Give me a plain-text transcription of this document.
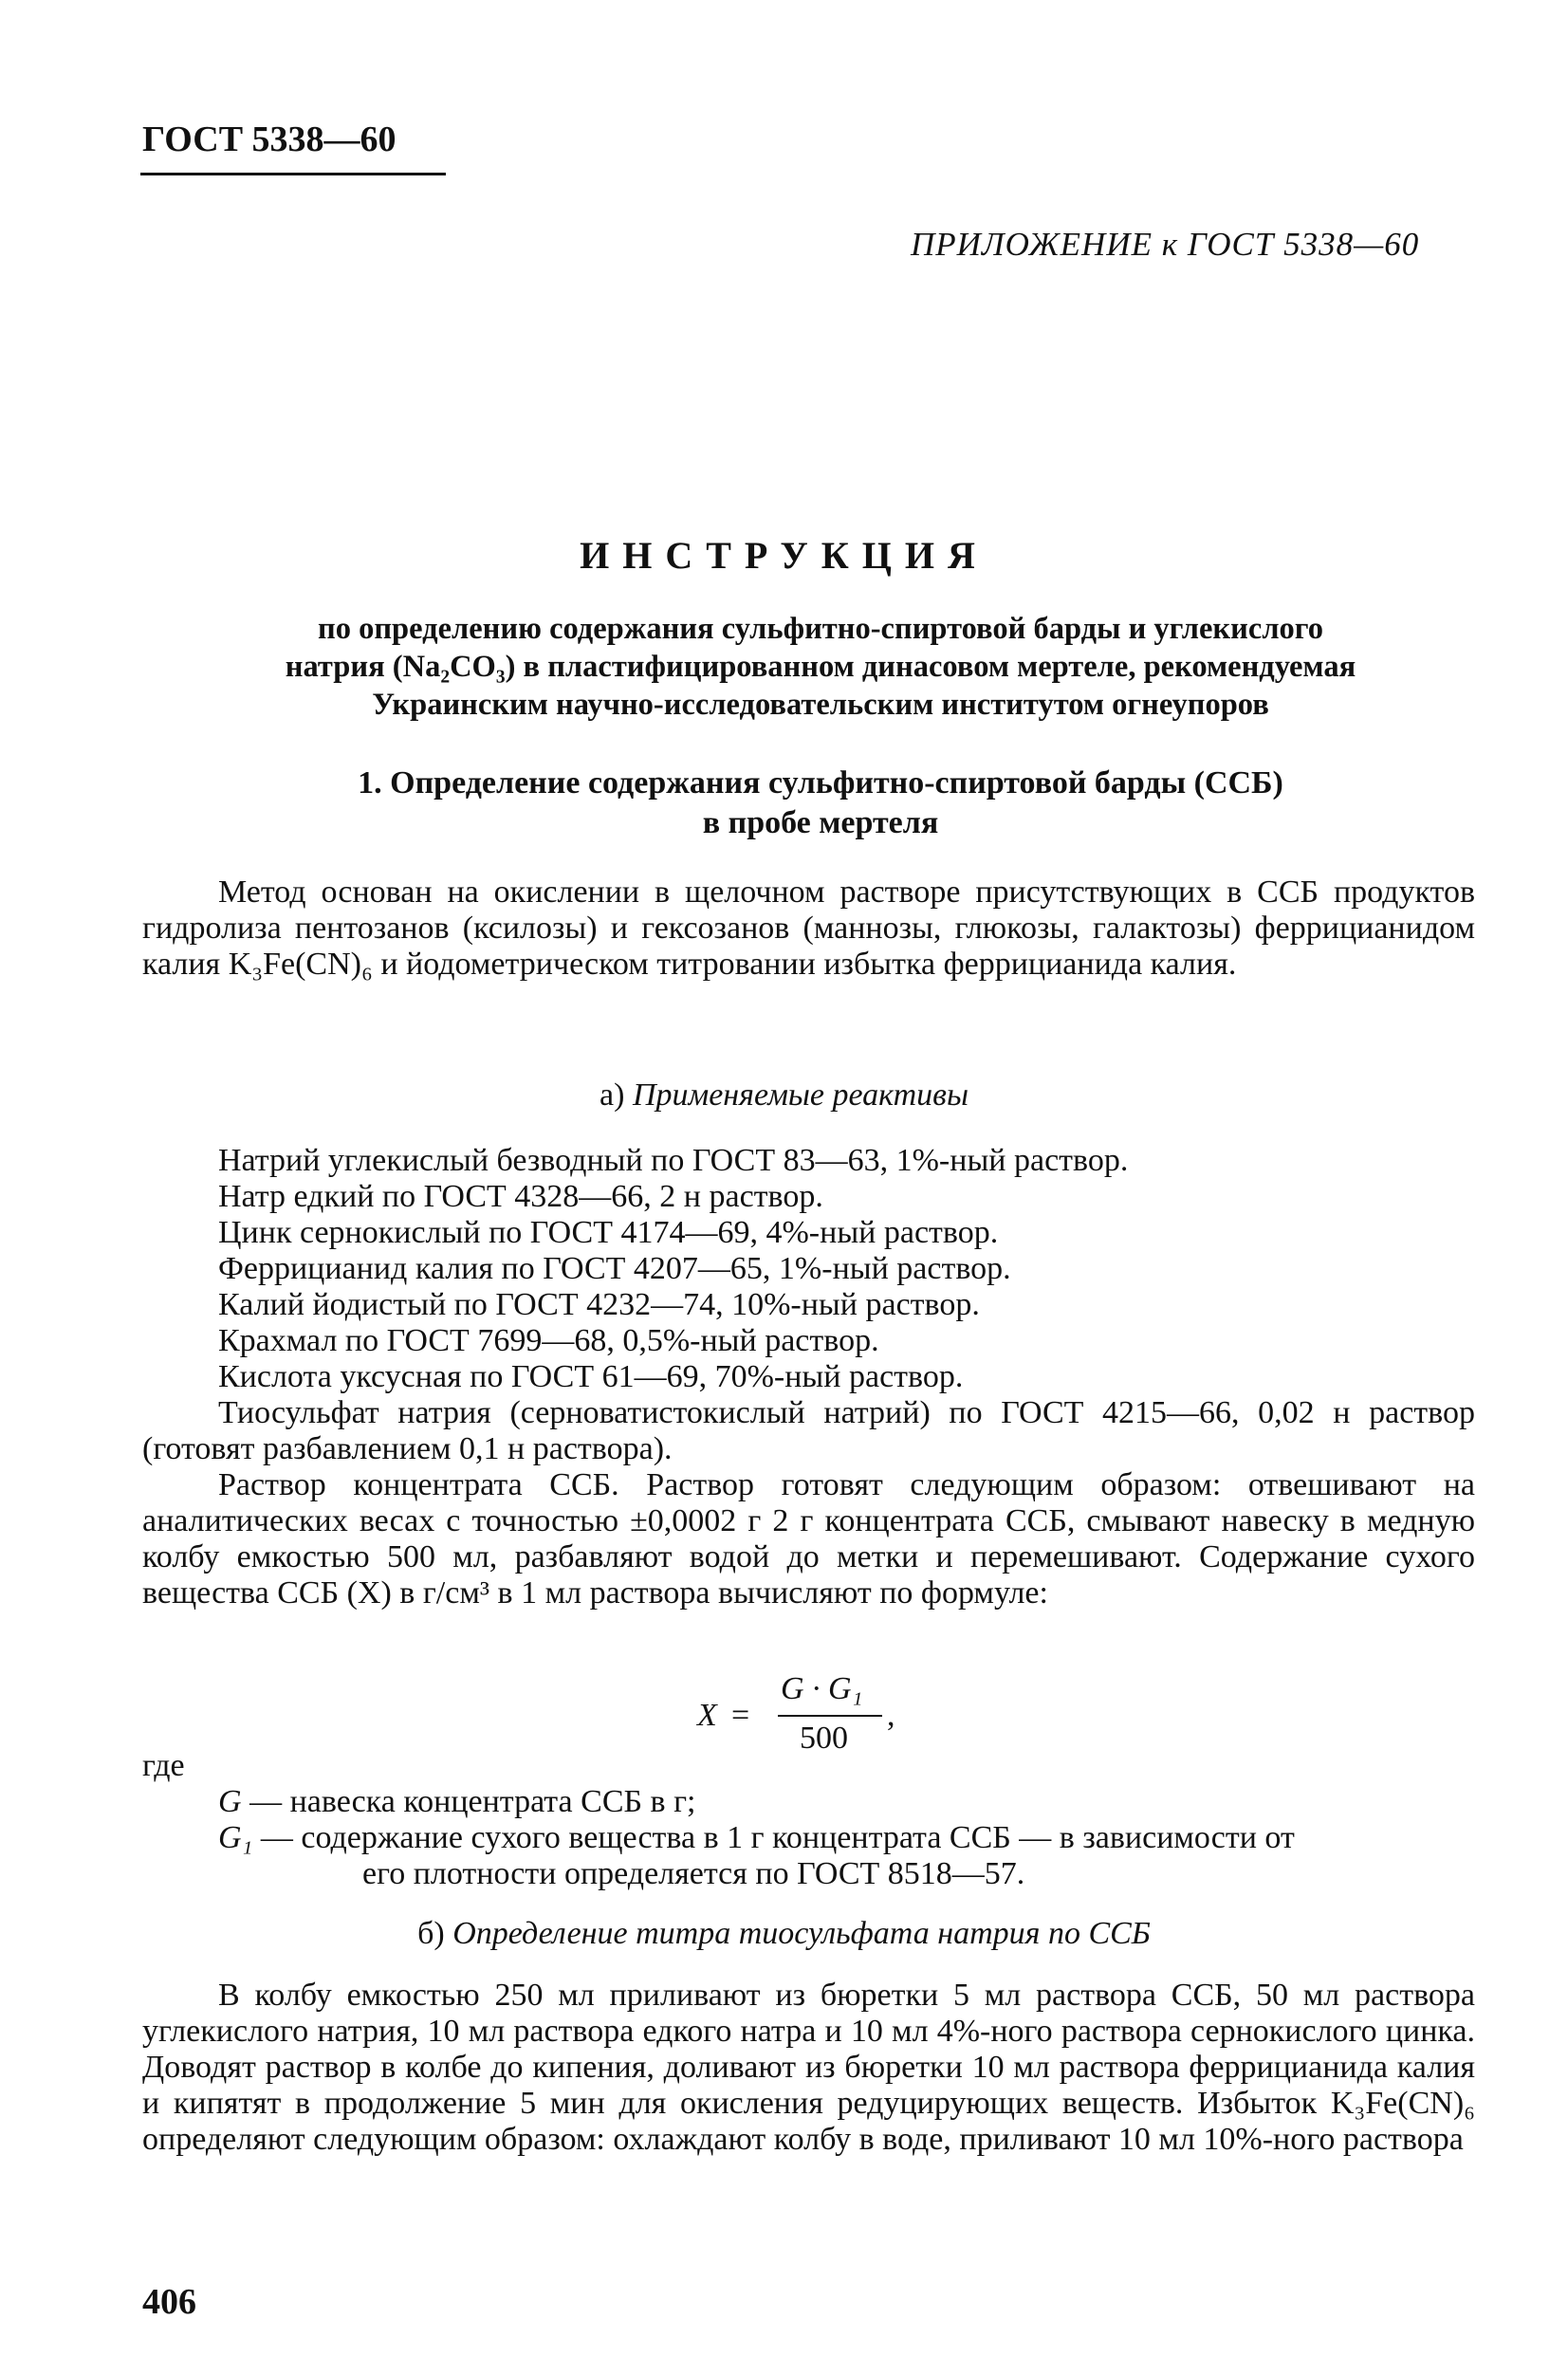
ГОСТ 5338—60
ПРИЛОЖЕНИЕ к ГОСТ 5338—60
ИНСТРУКЦИЯ
по определению содержания сульфитно-спиртовой барды и углекислого
натрия (Na₂CO₃) в пластифицированном динасовом мертеле, рекомендуемая
Украинским научно-исследовательским институтом огнеупоров
1. Определение содержания сульфитно-спиртовой барды (ССБ)
в пробе мертеля
Метод основан на окислении в щелочном растворе присутствующих в ССБ продуктов гидролиза пентозанов (ксилозы) и гексозанов (маннозы, глюкозы, галактозы) феррицианидом калия K₃Fe(CN)₆ и йодометрическом титровании избытка феррицианида калия.
а) Применяемые реактивы
Натрий углекислый безводный по ГОСТ 83—63, 1%-ный раствор.
Натр едкий по ГОСТ 4328—66, 2 н раствор.
Цинк сернокислый по ГОСТ 4174—69, 4%-ный раствор.
Феррицианид калия по ГОСТ 4207—65, 1%-ный раствор.
Калий йодистый по ГОСТ 4232—74, 10%-ный раствор.
Крахмал по ГОСТ 7699—68, 0,5%-ный раствор.
Кислота уксусная по ГОСТ 61—69, 70%-ный раствор.
Тиосульфат натрия (серноватистокислый натрий) по ГОСТ 4215—66, 0,02 н раствор (готовят разбавлением 0,1 н раствора).
Раствор концентрата ССБ. Раствор готовят следующим образом: отвешивают на аналитических весах с точностью ±0,0002 г 2 г концентрата ССБ, смывают навеску в медную колбу емкостью 500 мл, разбавляют водой до метки и перемешивают. Содержание сухого вещества ССБ (X) в г/см³ в 1 мл раствора вычисляют по формуле:
X =
G · G₁
500
,
где
G — навеска концентрата ССБ в г;
G₁ — содержание сухого вещества в 1 г концентрата ССБ — в зависимости от
его плотности определяется по ГОСТ 8518—57.
б) Определение титра тиосульфата натрия по ССБ
В колбу емкостью 250 мл приливают из бюретки 5 мл раствора ССБ, 50 мл раствора углекислого натрия, 10 мл раствора едкого натра и 10 мл 4%-ного раствора сернокислого цинка. Доводят раствор в колбе до кипения, доливают из бюретки 10 мл раствора феррицианида калия и кипятят в продолжение 5 мин для окисления редуцирующих веществ. Избыток K₃Fe(CN)₆ определяют следующим образом: охлаждают колбу в воде, приливают 10 мл 10%-ного раствора
406
